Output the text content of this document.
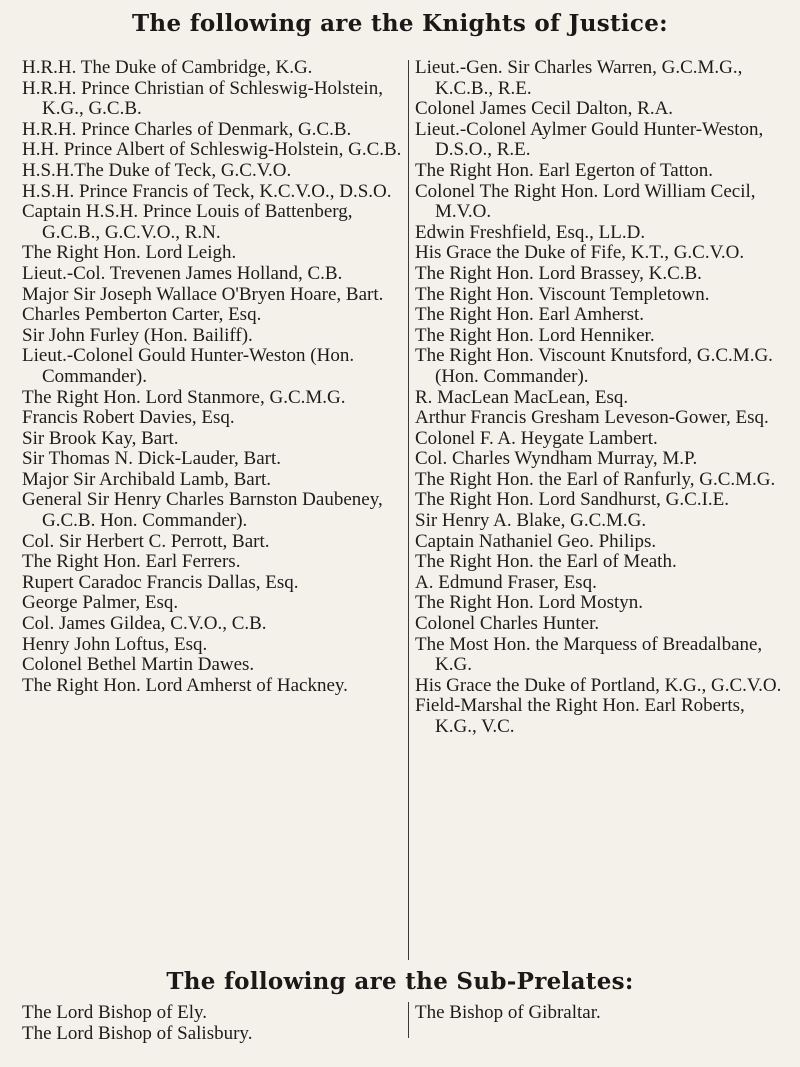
The following are the Knights of Justice:

H.R.H. The Duke of Cambridge, K.G.

H.R.H. Prince Christian of Schleswig-Holstein, K.G., G.C.B.

H.R.H. Prince Charles of Denmark, G.C.B.

H.H. Prince Albert of Schleswig-Holstein, G.C.B.

H.S.H.The Duke of Teck, G.C.V.O.

H.S.H. Prince Francis of Teck, K.C.V.O., D.S.O.

Captain H.S.H. Prince Louis of Battenberg, G.C.B., G.C.V.O., R.N.

The Right Hon. Lord Leigh.

Lieut.-Col. Trevenen James Holland, C.B.

Major Sir Joseph Wallace O'Bryen Hoare, Bart.

Charles Pemberton Carter, Esq.

Sir John Furley (Hon. Bailiff).

Lieut.-Colonel Gould Hunter-Weston (Hon. Commander).

The Right Hon. Lord Stanmore, G.C.M.G.

Francis Robert Davies, Esq.

Sir Brook Kay, Bart.

Sir Thomas N. Dick-Lauder, Bart.

Major Sir Archibald Lamb, Bart.

General Sir Henry Charles Barnston Daubeney, G.C.B. Hon. Commander).

Col. Sir Herbert C. Perrott, Bart.

The Right Hon. Earl Ferrers.

Rupert Caradoc Francis Dallas, Esq.

George Palmer, Esq.

Col. James Gildea, C.V.O., C.B.

Henry John Loftus, Esq.

Colonel Bethel Martin Dawes.

The Right Hon. Lord Amherst of Hackney.

Lieut.-Gen. Sir Charles Warren, G.C.M.G., K.C.B., R.E.

Colonel James Cecil Dalton, R.A.

Lieut.-Colonel Aylmer Gould Hunter-Weston, D.S.O., R.E.

The Right Hon. Earl Egerton of Tatton.

Colonel The Right Hon. Lord William Cecil, M.V.O.

Edwin Freshfield, Esq., LL.D.

His Grace the Duke of Fife, K.T., G.C.V.O.

The Right Hon. Lord Brassey, K.C.B.

The Right Hon. Viscount Templetown.

The Right Hon. Earl Amherst.

The Right Hon. Lord Henniker.

The Right Hon. Viscount Knutsford, G.C.M.G. (Hon. Commander).

R. MacLean MacLean, Esq.

Arthur Francis Gresham Leveson-Gower, Esq.

Colonel F. A. Heygate Lambert.

Col. Charles Wyndham Murray, M.P.

The Right Hon. the Earl of Ranfurly, G.C.M.G.

The Right Hon. Lord Sandhurst, G.C.I.E.

Sir Henry A. Blake, G.C.M.G.

Captain Nathaniel Geo. Philips.

The Right Hon. the Earl of Meath.

A. Edmund Fraser, Esq.

The Right Hon. Lord Mostyn.

Colonel Charles Hunter.

The Most Hon. the Marquess of Breadalbane, K.G.

His Grace the Duke of Portland, K.G., G.C.V.O.

Field-Marshal the Right Hon. Earl Roberts, K.G., V.C.

The following are the Sub-Prelates:

The Lord Bishop of Ely.

The Lord Bishop of Salisbury.

The Bishop of Gibraltar.
